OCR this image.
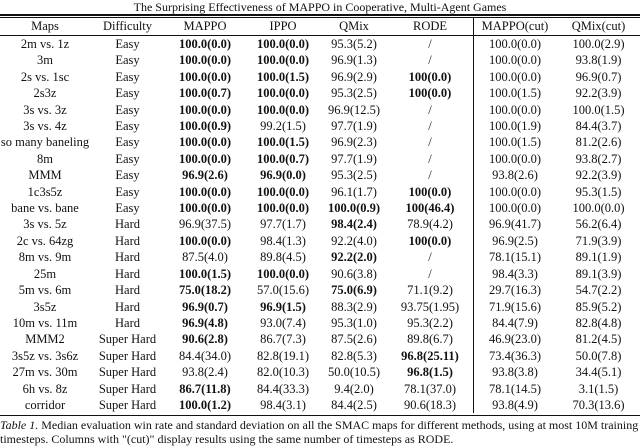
The Surprising Effectiveness of MAPPO in Cooperative, Multi-Agent Games
Maps	Difficulty	MAPPO	IPPO	QMix	RODE	MAPPO(cut)	QMix(cut)
2m vs. 1z	Easy	100.0(0.0)	100.0(0.0)	95.3(5.2)	/	100.0(0.0)	100.0(2.9)
3m	Easy	100.0(0.0)	100.0(0.0)	96.9(1.3)	/	100.0(0.0)	93.8(1.9)
2s vs. 1sc	Easy	100.0(0.0)	100.0(1.5)	96.9(2.9)	100(0.0)	100.0(0.0)	96.9(0.7)
2s3z	Easy	100.0(0.7)	100.0(0.0)	95.3(2.5)	100(0.0)	100.0(1.5)	92.2(3.9)
3s vs. 3z	Easy	100.0(0.0)	100.0(0.0)	96.9(12.5)	/	100.0(0.0)	100.0(1.5)
3s vs. 4z	Easy	100.0(0.9)	99.2(1.5)	97.7(1.9)	/	100.0(1.9)	84.4(3.7)
so many baneling	Easy	100.0(0.0)	100.0(1.5)	96.9(2.3)	/	100.0(1.5)	81.2(2.6)
8m	Easy	100.0(0.0)	100.0(0.7)	97.7(1.9)	/	100.0(0.0)	93.8(2.7)
MMM	Easy	96.9(2.6)	96.9(0.0)	95.3(2.5)	/	93.8(2.6)	92.2(3.9)
1c3s5z	Easy	100.0(0.0)	100.0(0.0)	96.1(1.7)	100(0.0)	100.0(0.0)	95.3(1.5)
bane vs. bane	Easy	100.0(0.0)	100.0(0.0)	100.0(0.9)	100(46.4)	100.0(0.0)	100.0(0.0)
3s vs. 5z	Hard	96.9(37.5)	97.7(1.7)	98.4(2.4)	78.9(4.2)	96.9(41.7)	56.2(6.4)
2c vs. 64zg	Hard	100.0(0.0)	98.4(1.3)	92.2(4.0)	100(0.0)	96.9(2.5)	71.9(3.9)
8m vs. 9m	Hard	87.5(4.0)	89.8(4.5)	92.2(2.0)	/	78.1(15.1)	89.1(1.9)
25m	Hard	100.0(1.5)	100.0(0.0)	90.6(3.8)	/	98.4(3.3)	89.1(3.9)
5m vs. 6m	Hard	75.0(18.2)	57.0(15.6)	75.0(6.9)	71.1(9.2)	29.7(16.3)	54.7(2.2)
3s5z	Hard	96.9(0.7)	96.9(1.5)	88.3(2.9)	93.75(1.95)	71.9(15.6)	85.9(5.2)
10m vs. 11m	Hard	96.9(4.8)	93.0(7.4)	95.3(1.0)	95.3(2.2)	84.4(7.9)	82.8(4.8)
MMM2	Super Hard	90.6(2.8)	86.7(7.3)	87.5(2.6)	89.8(6.7)	46.9(23.0)	81.2(4.5)
3s5z vs. 3s6z	Super Hard	84.4(34.0)	82.8(19.1)	82.8(5.3)	96.8(25.11)	73.4(36.3)	50.0(7.8)
27m vs. 30m	Super Hard	93.8(2.4)	82.0(10.3)	50.0(10.5)	96.8(1.5)	93.8(3.8)	34.4(5.1)
6h vs. 8z	Super Hard	86.7(11.8)	84.4(33.3)	9.4(2.0)	78.1(37.0)	78.1(14.5)	3.1(1.5)
corridor	Super Hard	100.0(1.2)	98.4(3.1)	84.4(2.5)	90.6(18.3)	93.8(4.9)	70.3(13.6)
Table 1. Median evaluation win rate and standard deviation on all the SMAC maps for different methods, using at most 10M training timesteps. Columns with "(cut)" display results using the same number of timesteps as RODE.
